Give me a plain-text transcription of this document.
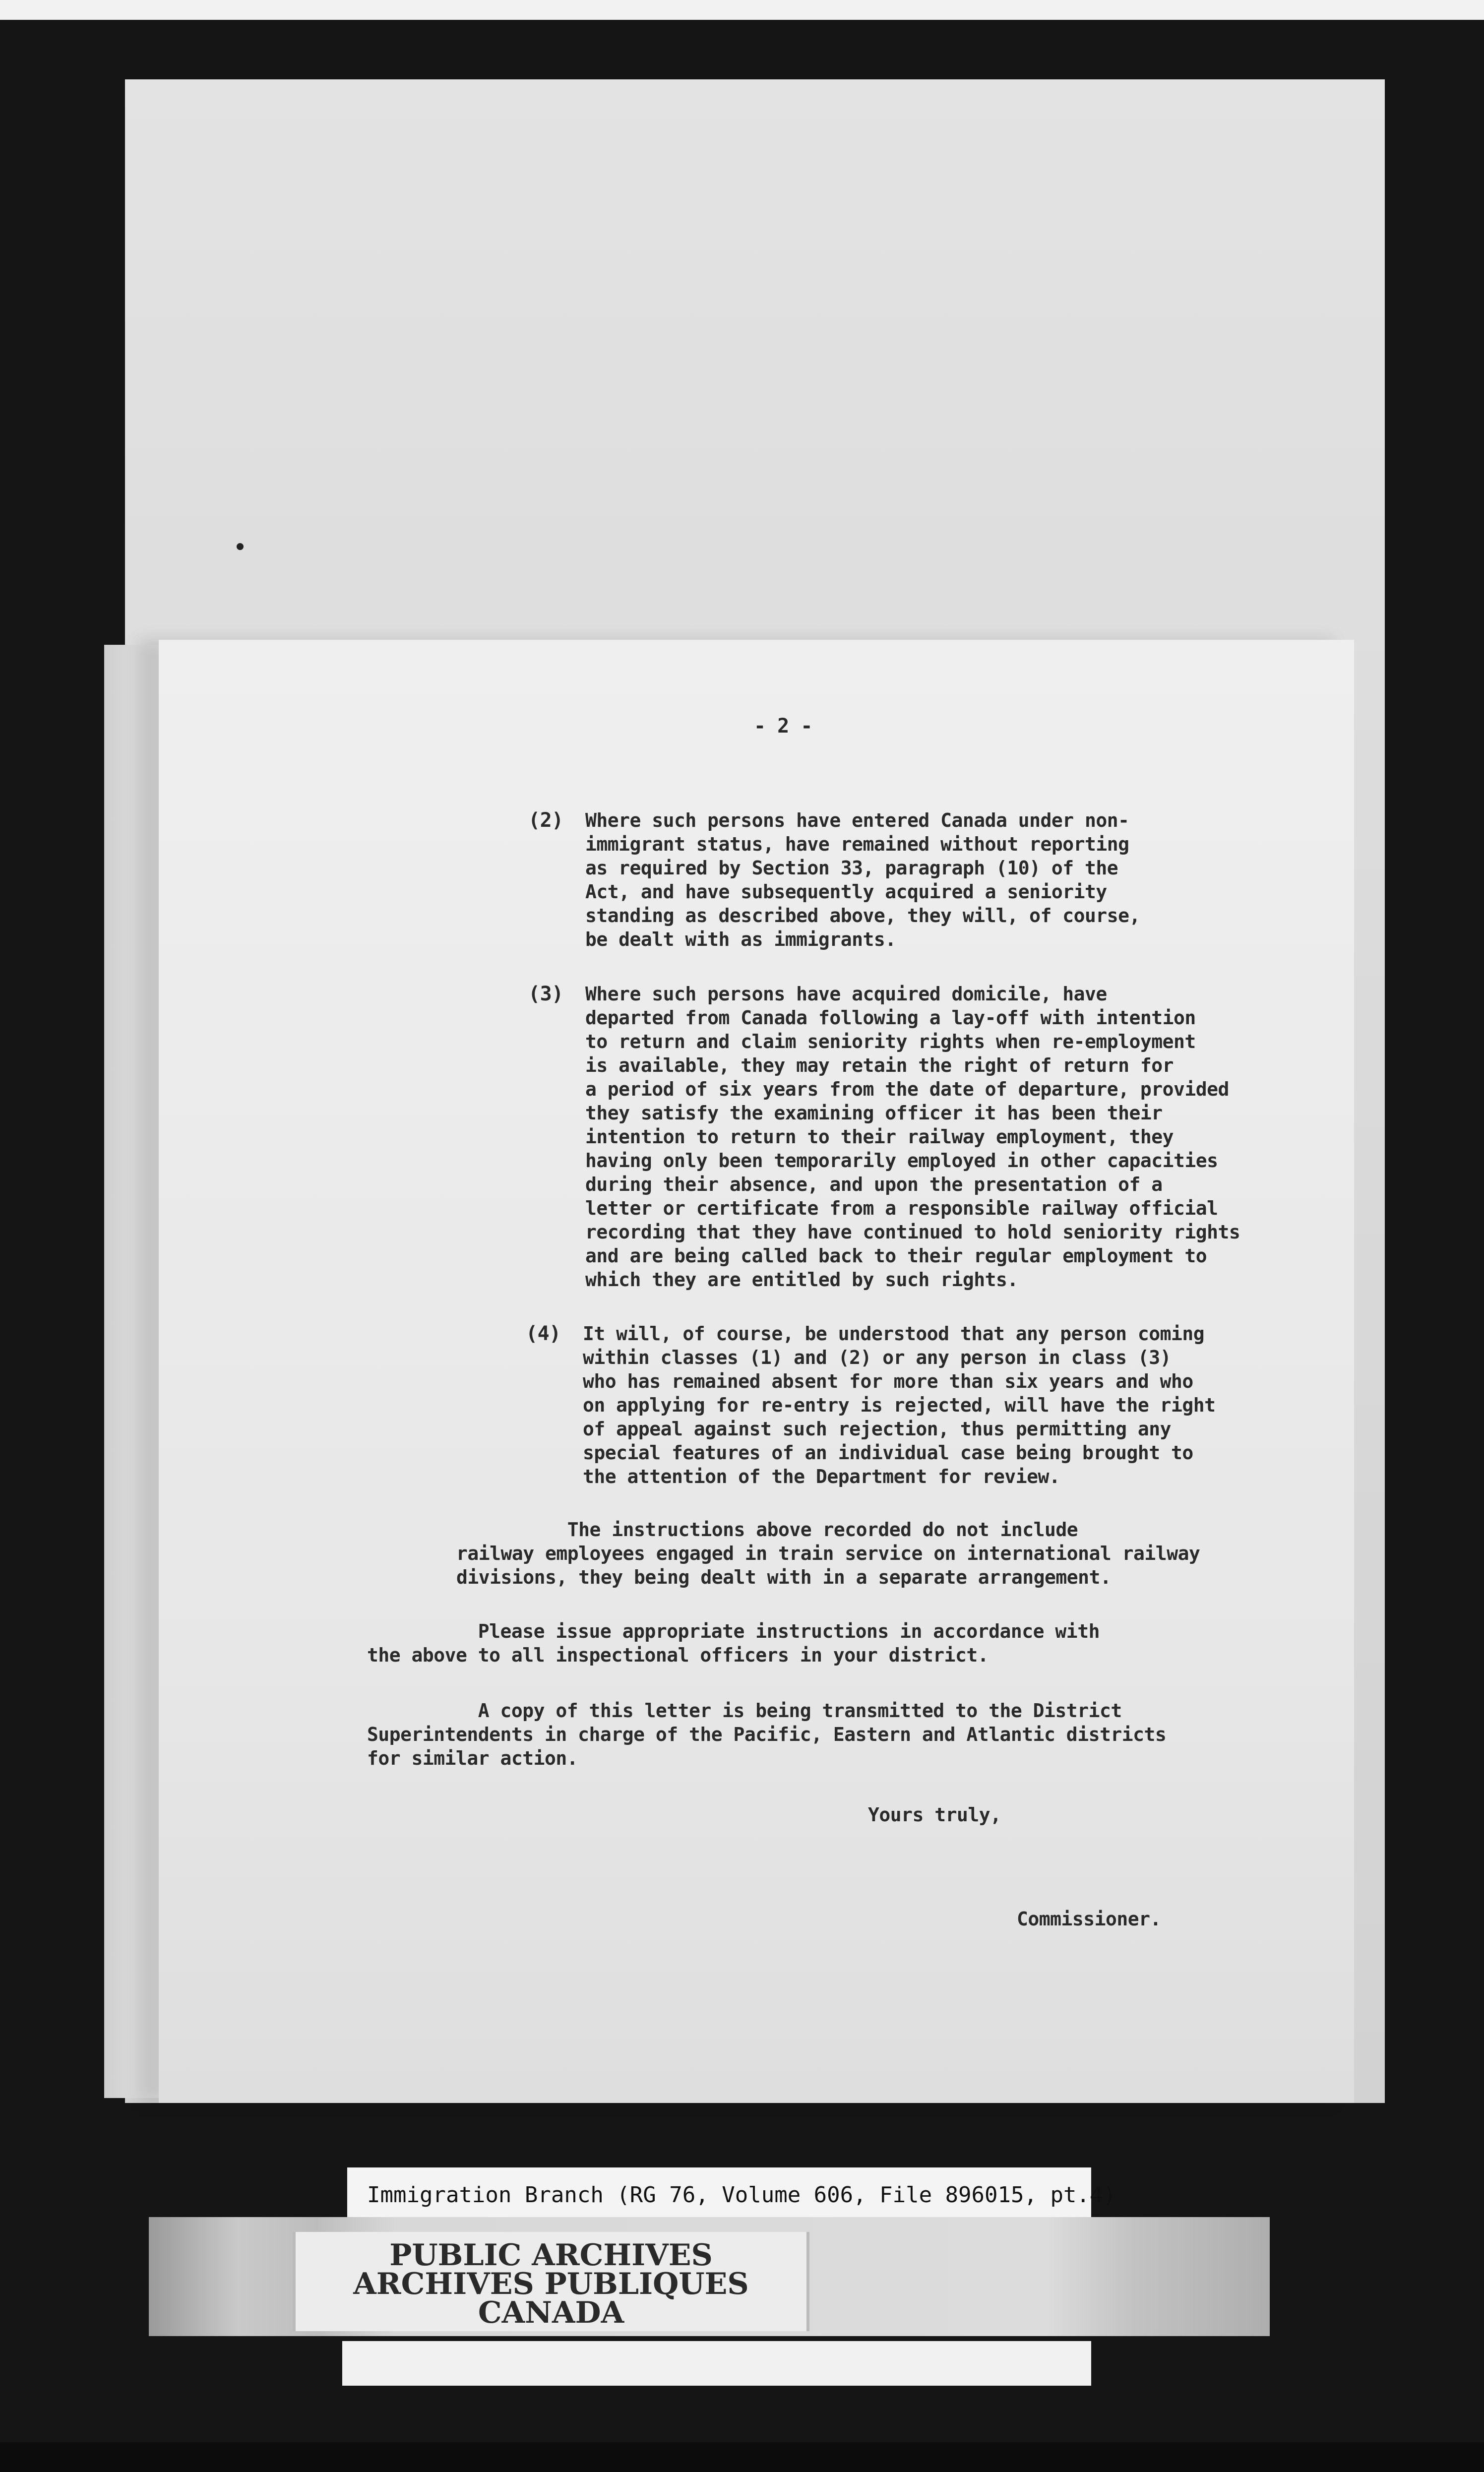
- 2 -
(2) Where such persons have entered Canada under non-
immigrant status, have remained without reporting
as required by Section 33, paragraph (10) of the
Act, and have subsequently acquired a seniority
standing as described above, they will, of course,
be dealt with as immigrants.
(3) Where such persons have acquired domicile, have
departed from Canada following a lay-off with intention
to return and claim seniority rights when re-employment
is available, they may retain the right of return for
a period of six years from the date of departure, provided
they satisfy the examining officer it has been their
intention to return to their railway employment, they
having only been temporarily employed in other capacities
during their absence, and upon the presentation of a
letter or certificate from a responsible railway official
recording that they have continued to hold seniority rights
and are being called back to their regular employment to
which they are entitled by such rights.
(4) It will, of course, be understood that any person coming
within classes (1) and (2) or any person in class (3)
who has remained absent for more than six years and who
on applying for re-entry is rejected, will have the right
of appeal against such rejection, thus permitting any
special features of an individual case being brought to
the attention of the Department for review.
The instructions above recorded do not include
railway employees engaged in train service on international railway
divisions, they being dealt with in a separate arrangement.
Please issue appropriate instructions in accordance with
the above to all inspectional officers in your district.
A copy of this letter is being transmitted to the District
Superintendents in charge of the Pacific, Eastern and Atlantic districts
for similar action.
Yours truly,
Commissioner.
Immigration Branch (RG 76, Volume 606, File 896015, pt.4)
PUBLIC ARCHIVES
ARCHIVES PUBLIQUES
CANADA
